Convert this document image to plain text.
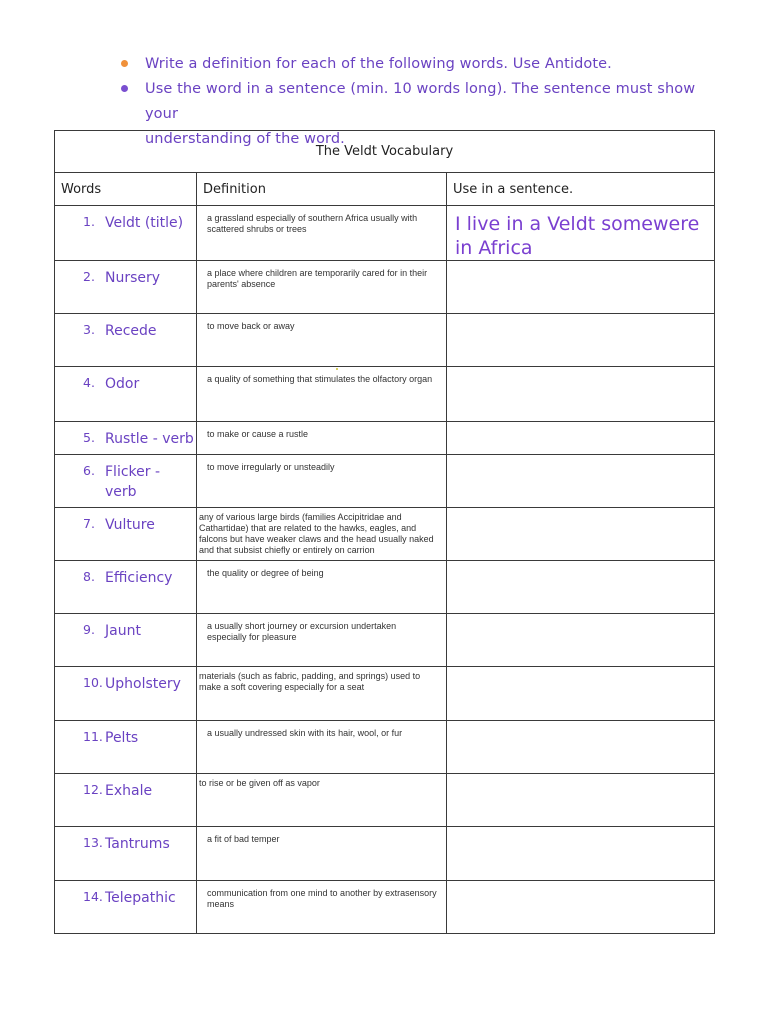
Write a definition for each of the following words. Use Antidote.
Use the word in a sentence (min. 10 words long). The sentence must show your
understanding of the word.
The Veldt Vocabulary		
Words	Definition	Use in a sentence.

1. Veldt (title)	a grassland especially of southern Africa usually with scattered shrubs or trees	I live in a Veldt somewere in Africa

2. Nursery	a place where children are temporarily cared for in their parents' absence	

3. Recede	to move back or away	

4. Odor	a quality of something that stimulates the olfactory organ	

5. Rustle - verb	to make or cause a rustle	

6. Flicker - verb	to move irregularly or unsteadily	

7. Vulture	any of various large birds (families Accipitridae and Cathartidae) that are related to the hawks, eagles, and falcons but have weaker claws and the head usually naked and that subsist chiefly or entirely on carrion	

8. Efficiency	the quality or degree of being	

9. Jaunt	a usually short journey or excursion undertaken especially for pleasure	

10. Upholstery	materials (such as fabric, padding, and springs) used to make a soft covering especially for a seat	

11. Pelts	a usually undressed skin with its hair, wool, or fur	

12. Exhale	to rise or be given off as vapor	

13. Tantrums	a fit of bad temper	

14. Telepathic	communication from one mind to another by extrasensory means	
